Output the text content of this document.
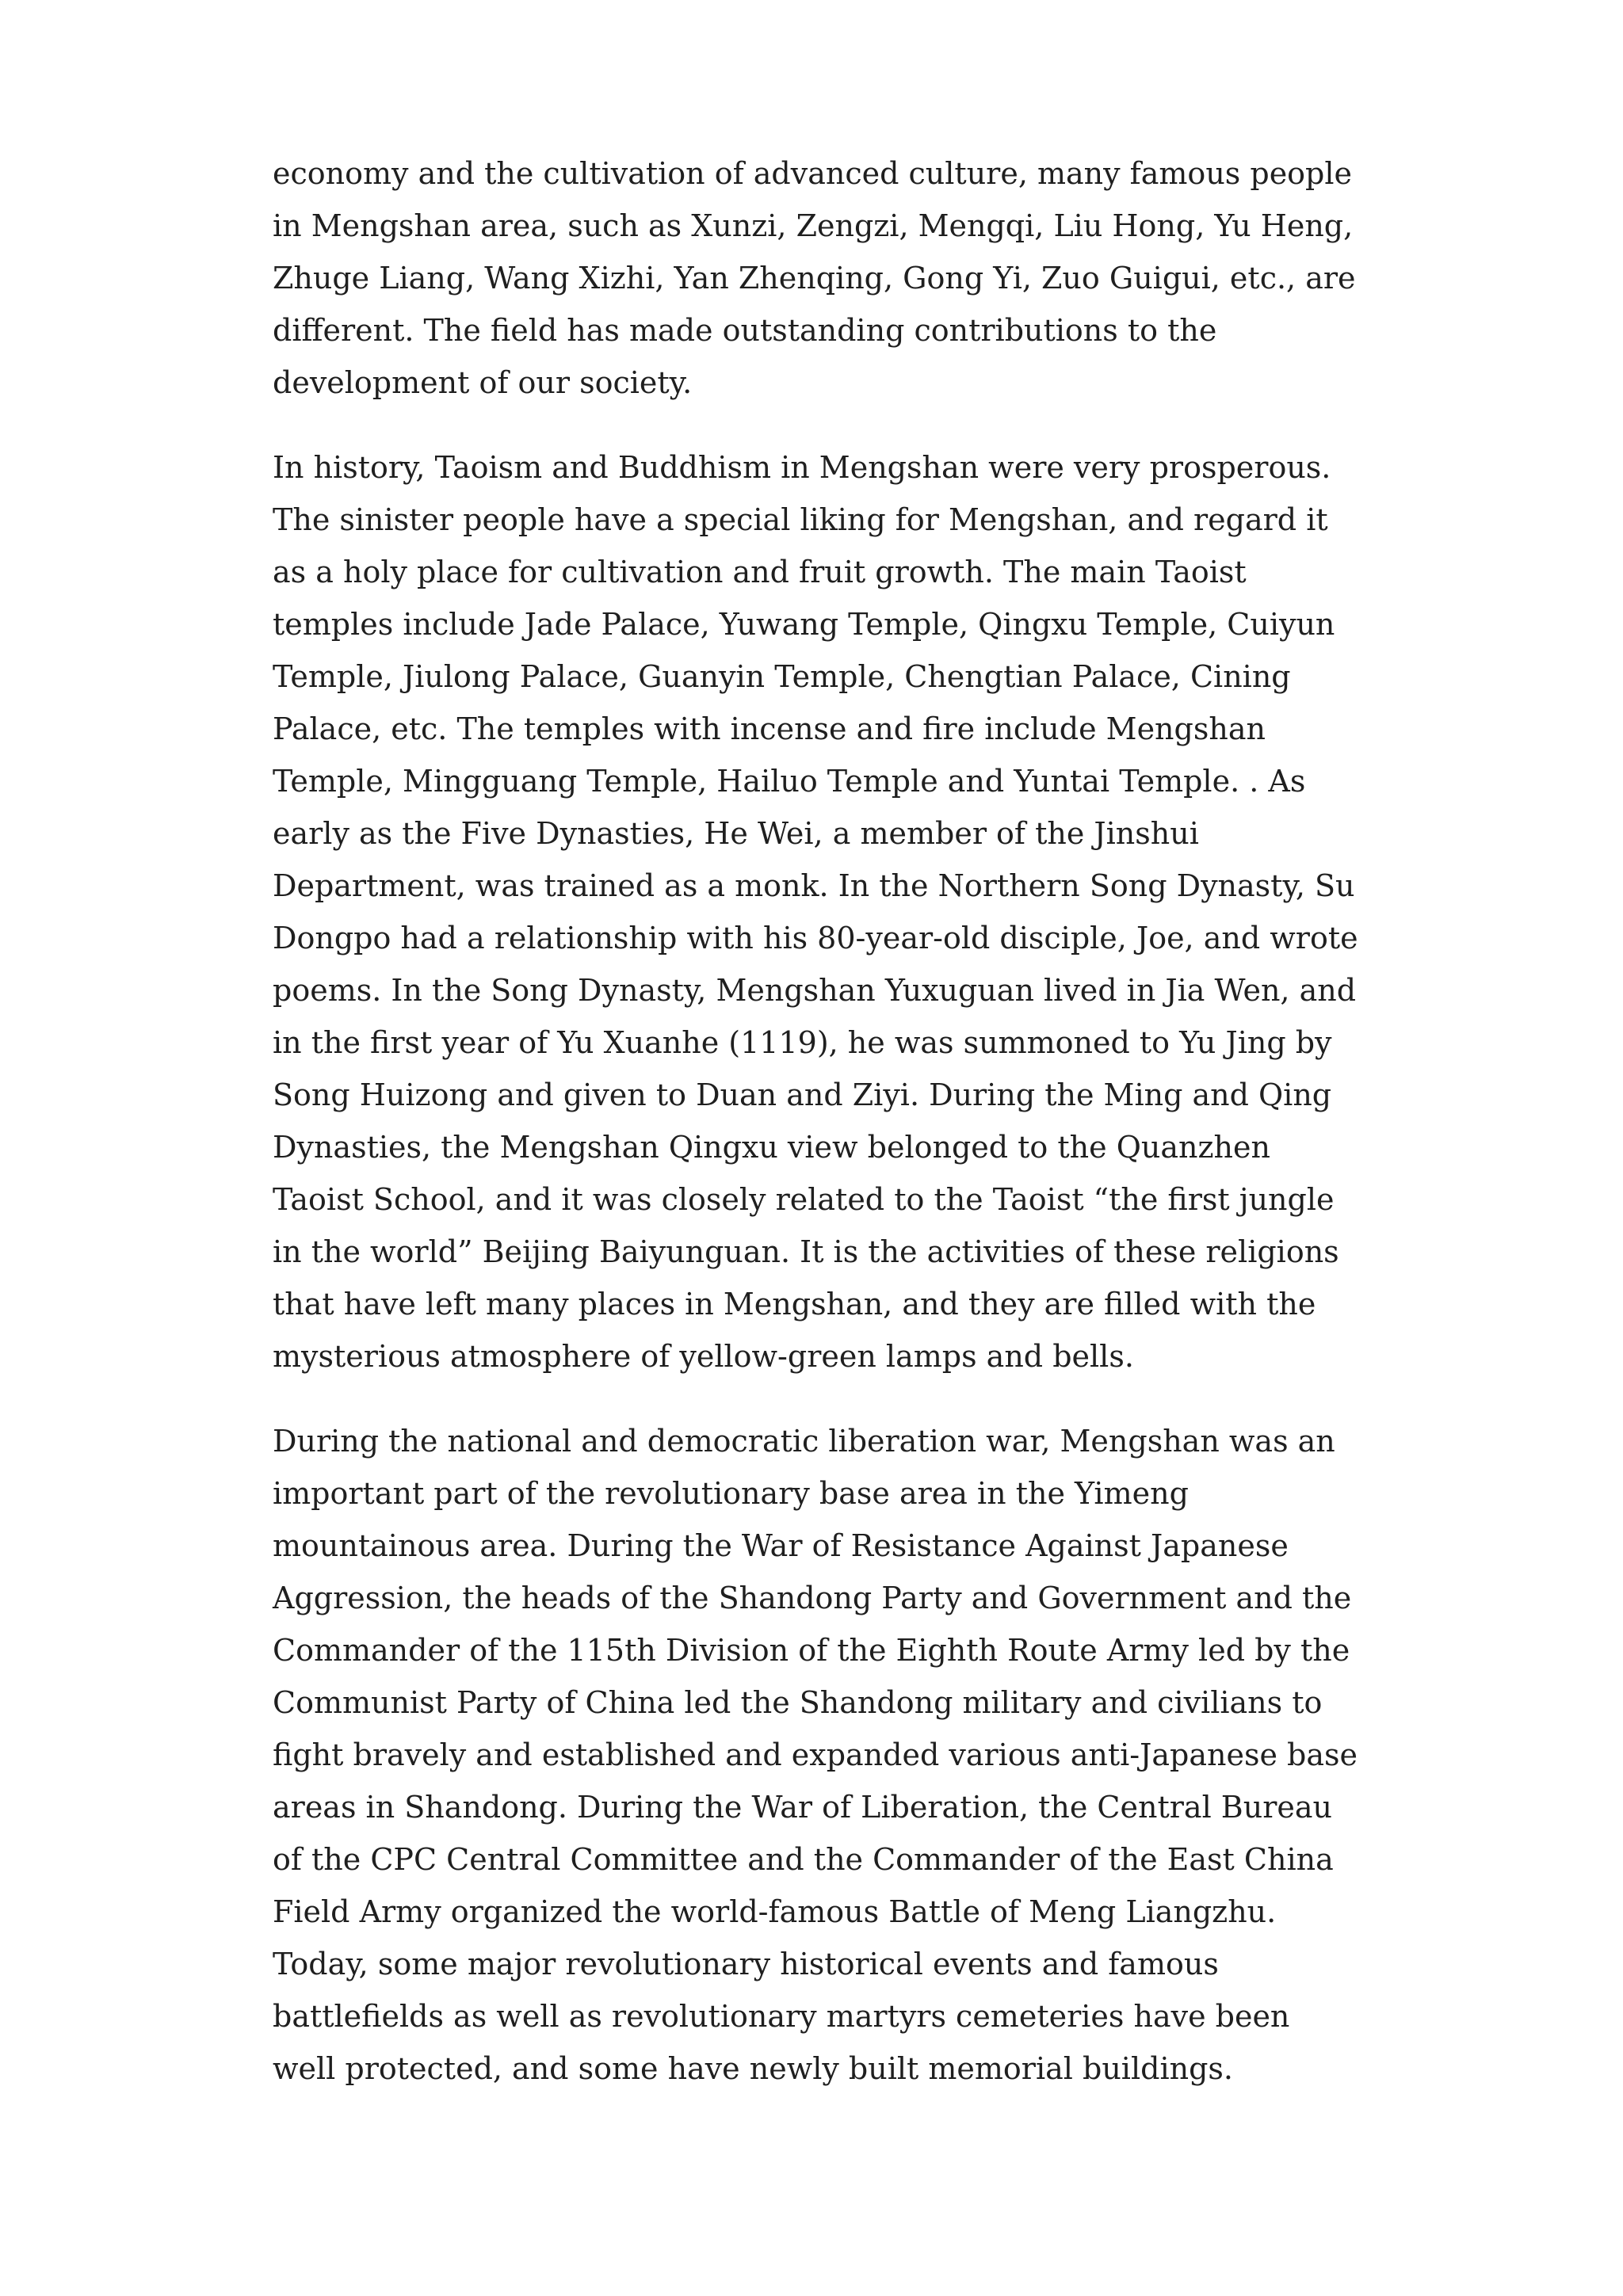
economy and the cultivation of advanced culture, many famous people in Mengshan area, such as Xunzi, Zengzi, Mengqi, Liu Hong, Yu Heng, Zhuge Liang, Wang Xizhi, Yan Zhenqing, Gong Yi, Zuo Guigui, etc., are different. The field has made outstanding contributions to the development of our society.

In history, Taoism and Buddhism in Mengshan were very prosperous. The sinister people have a special liking for Mengshan, and regard it as a holy place for cultivation and fruit growth. The main Taoist temples include Jade Palace, Yuwang Temple, Qingxu Temple, Cuiyun Temple, Jiulong Palace, Guanyin Temple, Chengtian Palace, Cining Palace, etc. The temples with incense and fire include Mengshan Temple, Mingguang Temple, Hailuo Temple and Yuntai Temple. . As early as the Five Dynasties, He Wei, a member of the Jinshui Department, was trained as a monk. In the Northern Song Dynasty, Su Dongpo had a relationship with his 80-year-old disciple, Joe, and wrote poems. In the Song Dynasty, Mengshan Yuxuguan lived in Jia Wen, and in the first year of Yu Xuanhe (1119), he was summoned to Yu Jing by Song Huizong and given to Duan and Ziyi. During the Ming and Qing Dynasties, the Mengshan Qingxu view belonged to the Quanzhen Taoist School, and it was closely related to the Taoist “the first jungle in the world” Beijing Baiyunguan. It is the activities of these religions that have left many places in Mengshan, and they are filled with the mysterious atmosphere of yellow-green lamps and bells.

During the national and democratic liberation war, Mengshan was an important part of the revolutionary base area in the Yimeng mountainous area. During the War of Resistance Against Japanese Aggression, the heads of the Shandong Party and Government and the Commander of the 115th Division of the Eighth Route Army led by the Communist Party of China led the Shandong military and civilians to fight bravely and established and expanded various anti-Japanese base areas in Shandong. During the War of Liberation, the Central Bureau of the CPC Central Committee and the Commander of the East China Field Army organized the world-famous Battle of Meng Liangzhu. Today, some major revolutionary historical events and famous battlefields as well as revolutionary martyrs cemeteries have been well protected, and some have newly built memorial buildings.
